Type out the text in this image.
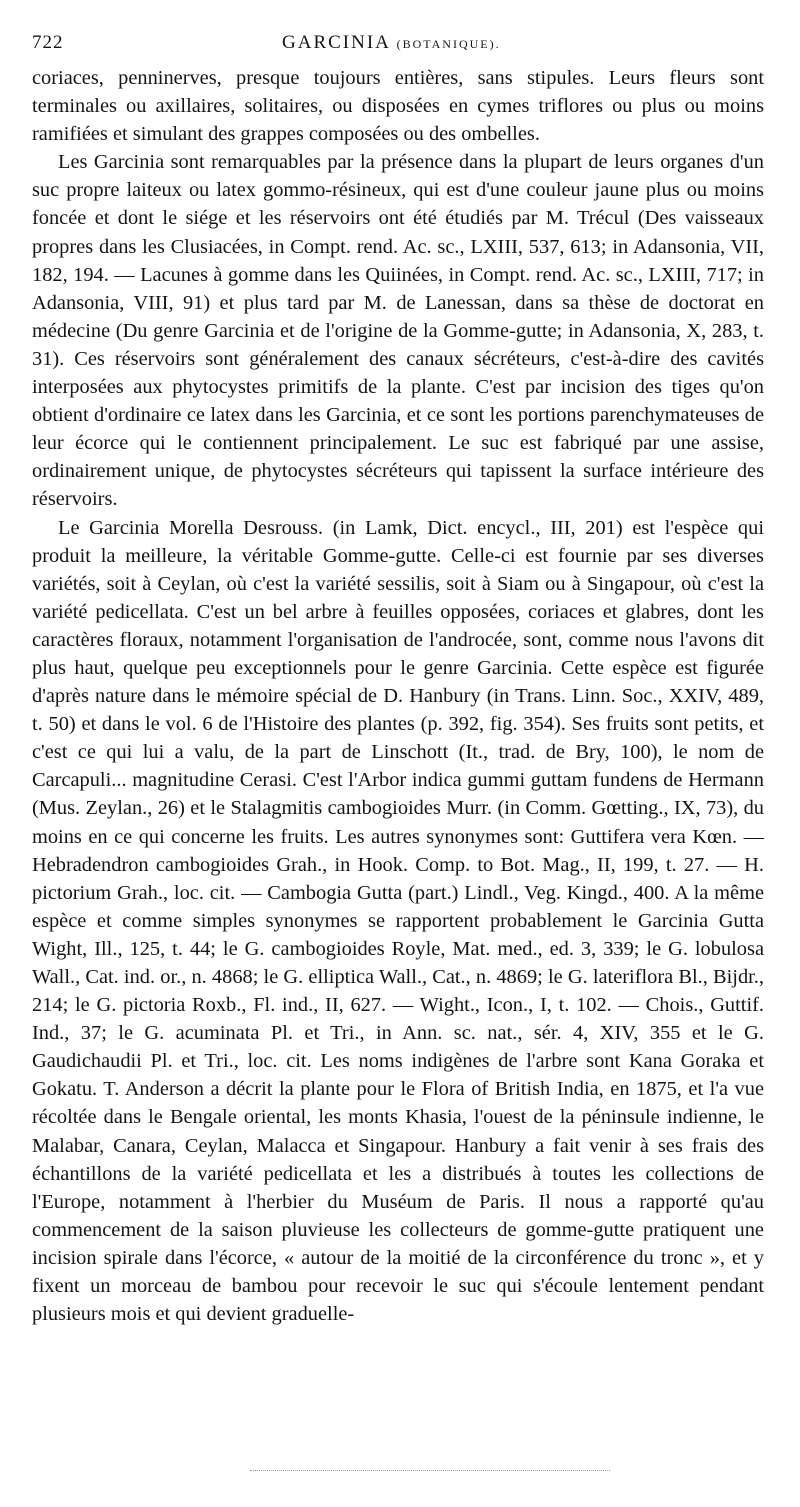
722	GARCINIA (BOTANIQUE).

coriaces, penninerves, presque toujours entières, sans stipules. Leurs fleurs sont terminales ou axillaires, solitaires, ou disposées en cymes triflores ou plus ou moins ramifiées et simulant des grappes composées ou des ombelles.

Les Garcinia sont remarquables par la présence dans la plupart de leurs organes d'un suc propre laiteux ou latex gommo-résineux, qui est d'une couleur jaune plus ou moins foncée et dont le siége et les réservoirs ont été étudiés par M. Trécul (Des vaisseaux propres dans les Clusiacées, in Compt. rend. Ac. sc., LXIII, 537, 613; in Adansonia, VII, 182, 194. — Lacunes à gomme dans les Quiinées, in Compt. rend. Ac. sc., LXIII, 717; in Adansonia, VIII, 91) et plus tard par M. de Lanessan, dans sa thèse de doctorat en médecine (Du genre Garcinia et de l'origine de la Gomme-gutte; in Adansonia, X, 283, t. 31). Ces réservoirs sont généralement des canaux sécréteurs, c'est-à-dire des cavités interposées aux phytocystes primitifs de la plante. C'est par incision des tiges qu'on obtient d'ordinaire ce latex dans les Garcinia, et ce sont les portions parenchymateuses de leur écorce qui le contiennent principalement. Le suc est fabriqué par une assise, ordinairement unique, de phytocystes sécréteurs qui tapissent la surface intérieure des réservoirs.

Le Garcinia Morella Desrouss. (in Lamk, Dict. encycl., III, 201) est l'espèce qui produit la meilleure, la véritable Gomme-gutte. Celle-ci est fournie par ses diverses variétés, soit à Ceylan, où c'est la variété sessilis, soit à Siam ou à Singapour, où c'est la variété pedicellata. C'est un bel arbre à feuilles opposées, coriaces et glabres, dont les caractères floraux, notamment l'organisation de l'androcée, sont, comme nous l'avons dit plus haut, quelque peu exceptionnels pour le genre Garcinia. Cette espèce est figurée d'après nature dans le mémoire spécial de D. Hanbury (in Trans. Linn. Soc., XXIV, 489, t. 50) et dans le vol. 6 de l'Histoire des plantes (p. 392, fig. 354). Ses fruits sont petits, et c'est ce qui lui a valu, de la part de Linschott (It., trad. de Bry, 100), le nom de Carcapuli... magnitudine Cerasi. C'est l'Arbor indica gummi guttam fundens de Hermann (Mus. Zeylan., 26) et le Stalagmitis cambogioides Murr. (in Comm. Gœtting., IX, 73), du moins en ce qui concerne les fruits. Les autres synonymes sont: Guttifera vera Kœn. — Hebradendron cambogioides Grah., in Hook. Comp. to Bot. Mag., II, 199, t. 27. — H. pictorium Grah., loc. cit. — Cambogia Gutta (part.) Lindl., Veg. Kingd., 400. A la même espèce et comme simples synonymes se rapportent probablement le Garcinia Gutta Wight, Ill., 125, t. 44; le G. cambogioides Royle, Mat. med., ed. 3, 339; le G. lobulosa Wall., Cat. ind. or., n. 4868; le G. elliptica Wall., Cat., n. 4869; le G. lateriflora Bl., Bijdr., 214; le G. pictoria Roxb., Fl. ind., II, 627. — Wight., Icon., I, t. 102. — Chois., Guttif. Ind., 37; le G. acuminata Pl. et Tri., in Ann. sc. nat., sér. 4, XIV, 355 et le G. Gaudichaudii Pl. et Tri., loc. cit. Les noms indigènes de l'arbre sont Kana Goraka et Gokatu. T. Anderson a décrit la plante pour le Flora of British India, en 1875, et l'a vue récoltée dans le Bengale oriental, les monts Khasia, l'ouest de la péninsule indienne, le Malabar, Canara, Ceylan, Malacca et Singapour. Hanbury a fait venir à ses frais des échantillons de la variété pedicellata et les a distribués à toutes les collections de l'Europe, notamment à l'herbier du Muséum de Paris. Il nous a rapporté qu'au commencement de la saison pluvieuse les collecteurs de gomme-gutte pratiquent une incision spirale dans l'écorce, « autour de la moitié de la circonférence du tronc », et y fixent un morceau de bambou pour recevoir le suc qui s'écoule lentement pendant plusieurs mois et qui devient graduelle-
